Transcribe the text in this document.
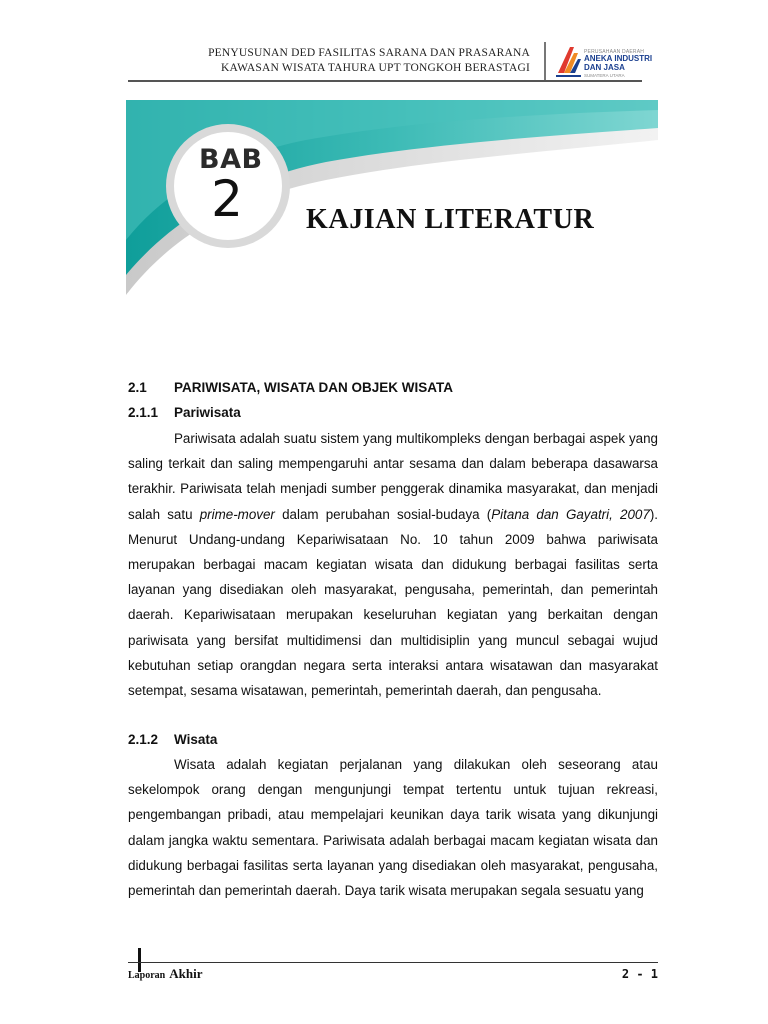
PENYUSUNAN DED FASILITAS SARANA DAN PRASARANA
KAWASAN WISATA TAHURA UPT TONGKOH BERASTAGI
PERUSAHAAN DAERAH
ANEKA INDUSTRI
DAN JASA
SUMATERA UTARA
BAB
2	KAJIAN LITERATUR
2.1 PARIWISATA, WISATA DAN OBJEK WISATA
2.1.1 Pariwisata
Pariwisata adalah suatu sistem yang multikompleks dengan berbagai aspek yang saling terkait dan saling mempengaruhi antar sesama dan dalam beberapa dasawarsa terakhir. Pariwisata telah menjadi sumber penggerak dinamika masyarakat, dan menjadi salah satu prime-mover dalam perubahan sosial-budaya (Pitana dan Gayatri, 2007). Menurut Undang-undang Kepariwisataan No. 10 tahun 2009 bahwa pariwisata merupakan berbagai macam kegiatan wisata dan didukung berbagai fasilitas serta layanan yang disediakan oleh masyarakat, pengusaha, pemerintah, dan pemerintah daerah. Kepariwisataan merupakan keseluruhan kegiatan yang berkaitan dengan pariwisata yang bersifat multidimensi dan multidisiplin yang muncul sebagai wujud kebutuhan setiap orangdan negara serta interaksi antara wisatawan dan masyarakat setempat, sesama wisatawan, pemerintah, pemerintah daerah, dan pengusaha.
2.1.2 Wisata
Wisata adalah kegiatan perjalanan yang dilakukan oleh seseorang atau sekelompok orang dengan mengunjungi tempat tertentu untuk tujuan rekreasi, pengembangan pribadi, atau mempelajari keunikan daya tarik wisata yang dikunjungi dalam jangka waktu sementara. Pariwisata adalah berbagai macam kegiatan wisata dan didukung berbagai fasilitas serta layanan yang disediakan oleh masyarakat, pengusaha, pemerintah dan pemerintah daerah. Daya tarik wisata merupakan segala sesuatu yang
Laporan Akhir	2 - 1
